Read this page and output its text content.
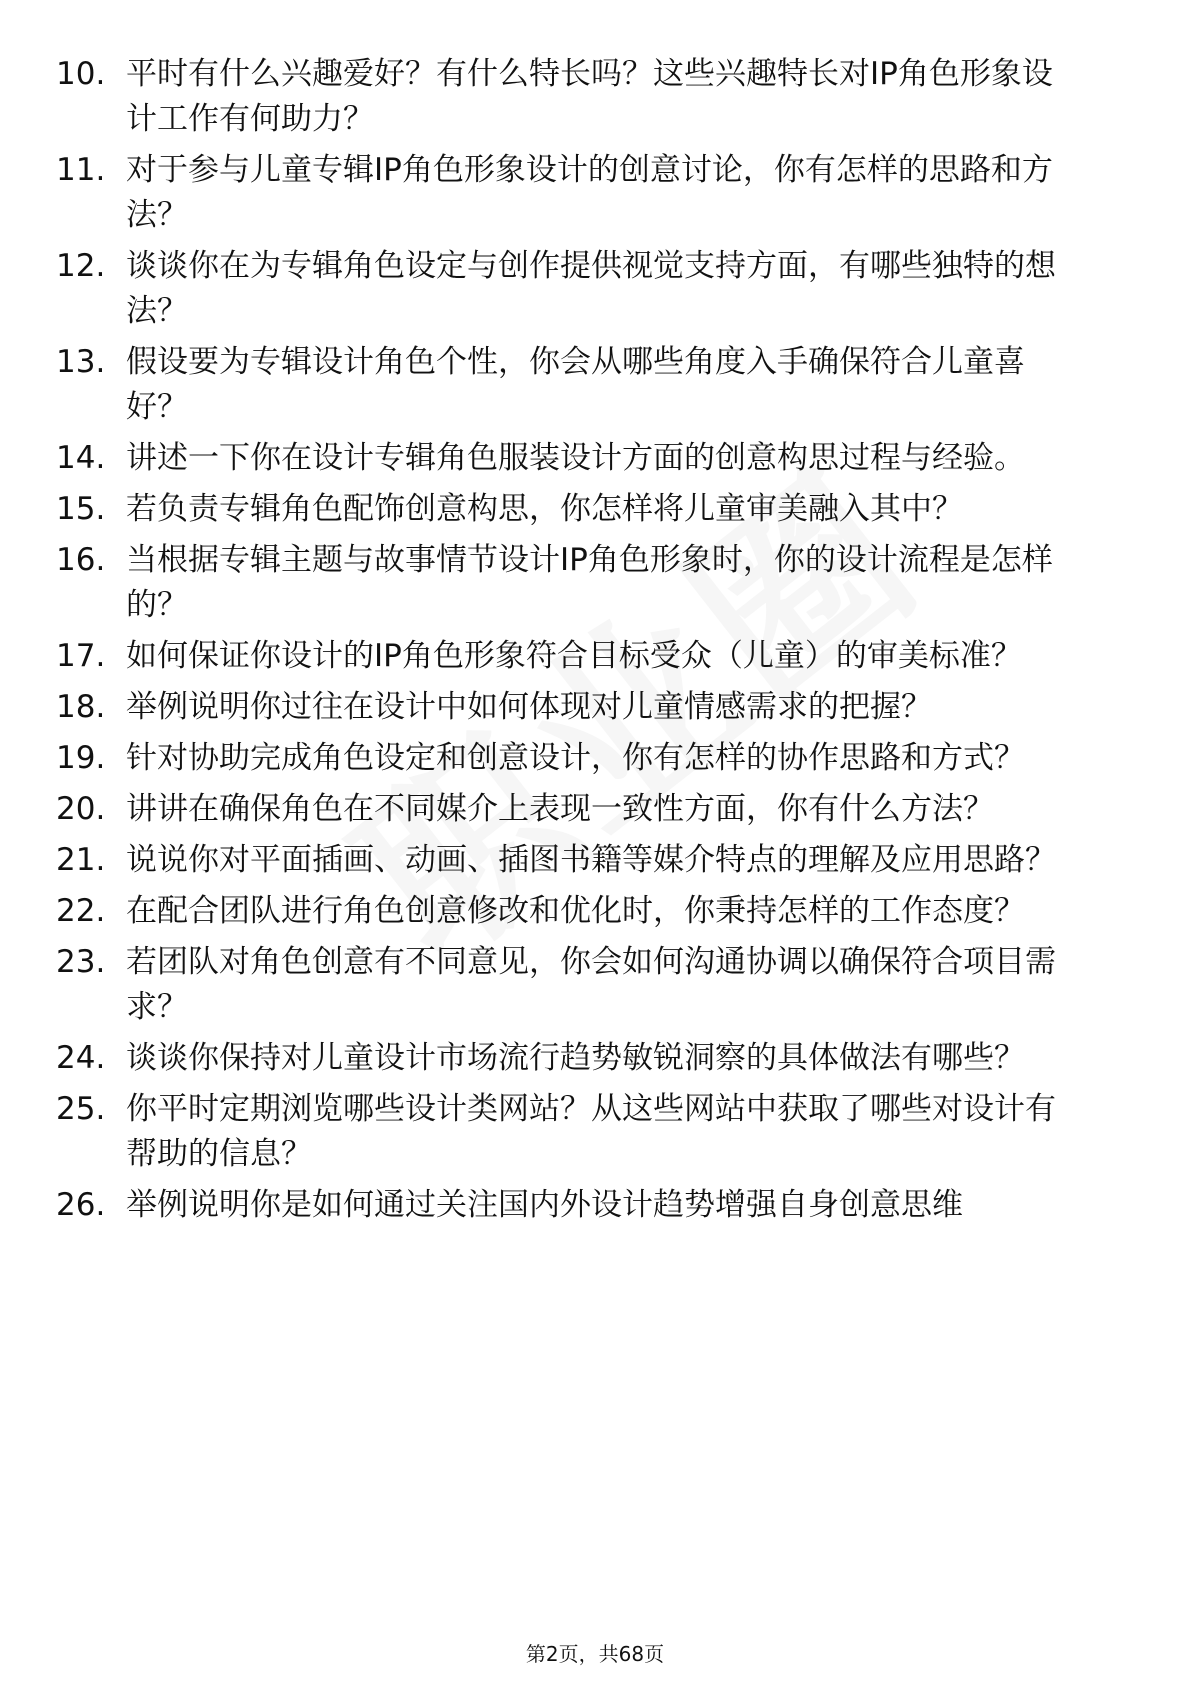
10. 平时有什么兴趣爱好？有什么特长吗？这些兴趣特长对IP角色形象设计工作有何助力？
11. 对于参与儿童专辑IP角色形象设计的创意讨论，你有怎样的思路和方法？
12. 谈谈你在为专辑角色设定与创作提供视觉支持方面，有哪些独特的想法？
13. 假设要为专辑设计角色个性，你会从哪些角度入手确保符合儿童喜好？
14. 讲述一下你在设计专辑角色服装设计方面的创意构思过程与经验。
15. 若负责专辑角色配饰创意构思，你怎样将儿童审美融入其中？
16. 当根据专辑主题与故事情节设计IP角色形象时，你的设计流程是怎样的？
17. 如何保证你设计的IP角色形象符合目标受众（儿童）的审美标准？
18. 举例说明你过往在设计中如何体现对儿童情感需求的把握？
19. 针对协助完成角色设定和创意设计，你有怎样的协作思路和方式？
20. 讲讲在确保角色在不同媒介上表现一致性方面，你有什么方法？
21. 说说你对平面插画、动画、插图书籍等媒介特点的理解及应用思路？
22. 在配合团队进行角色创意修改和优化时，你秉持怎样的工作态度？
23. 若团队对角色创意有不同意见，你会如何沟通协调以确保符合项目需求？
24. 谈谈你保持对儿童设计市场流行趋势敏锐洞察的具体做法有哪些？
25. 你平时定期浏览哪些设计类网站？从这些网站中获取了哪些对设计有帮助的信息？
26. 举例说明你是如何通过关注国内外设计趋势增强自身创意思维
第2页，共68页
